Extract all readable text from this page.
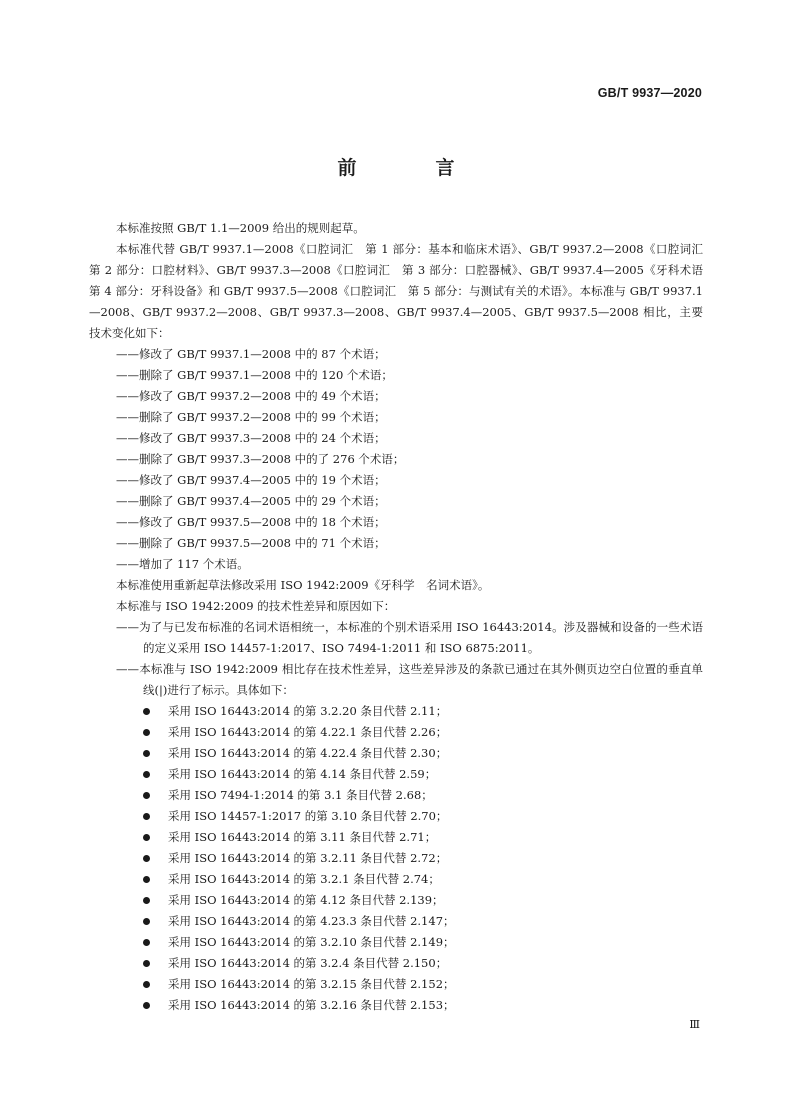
GB/T 9937—2020
前　言
本标准按照 GB/T 1.1—2009 给出的规则起草。
本标准代替 GB/T 9937.1—2008《口腔词汇　第 1 部分：基本和临床术语》、GB/T 9937.2—2008《口腔词汇　第 2 部分：口腔材料》、GB/T 9937.3—2008《口腔词汇　第 3 部分：口腔器械》、GB/T 9937.4—2005《牙科术语　第 4 部分：牙科设备》和 GB/T 9937.5—2008《口腔词汇　第 5 部分：与测试有关的术语》。本标准与 GB/T 9937.1—2008、GB/T 9937.2—2008、GB/T 9937.3—2008、GB/T 9937.4—2005、GB/T 9937.5—2008 相比，主要技术变化如下：
——修改了 GB/T 9937.1—2008 中的 87 个术语；
——删除了 GB/T 9937.1—2008 中的 120 个术语；
——修改了 GB/T 9937.2—2008 中的 49 个术语；
——删除了 GB/T 9937.2—2008 中的 99 个术语；
——修改了 GB/T 9937.3—2008 中的 24 个术语；
——删除了 GB/T 9937.3—2008 中的了 276 个术语；
——修改了 GB/T 9937.4—2005 中的 19 个术语；
——删除了 GB/T 9937.4—2005 中的 29 个术语；
——修改了 GB/T 9937.5—2008 中的 18 个术语；
——删除了 GB/T 9937.5—2008 中的 71 个术语；
——增加了 117 个术语。
本标准使用重新起草法修改采用 ISO 1942:2009《牙科学　名词术语》。
本标准与 ISO 1942:2009 的技术性差异和原因如下：
——为了与已发布标准的名词术语相统一，本标准的个别术语采用 ISO 16443:2014。涉及器械和设备的一些术语的定义采用 ISO 14457-1:2017、ISO 7494-1:2011 和 ISO 6875:2011。
——本标准与 ISO 1942:2009 相比存在技术性差异，这些差异涉及的条款已通过在其外侧页边空白位置的垂直单线(|)进行了标示。具体如下：
采用 ISO 16443:2014 的第 3.2.20 条目代替 2.11；
采用 ISO 16443:2014 的第 4.22.1 条目代替 2.26；
采用 ISO 16443:2014 的第 4.22.4 条目代替 2.30；
采用 ISO 16443:2014 的第 4.14 条目代替 2.59；
采用 ISO 7494-1:2014 的第 3.1 条目代替 2.68；
采用 ISO 14457-1:2017 的第 3.10 条目代替 2.70；
采用 ISO 16443:2014 的第 3.11 条目代替 2.71；
采用 ISO 16443:2014 的第 3.2.11 条目代替 2.72；
采用 ISO 16443:2014 的第 3.2.1 条目代替 2.74；
采用 ISO 16443:2014 的第 4.12 条目代替 2.139；
采用 ISO 16443:2014 的第 4.23.3 条目代替 2.147；
采用 ISO 16443:2014 的第 3.2.10 条目代替 2.149；
采用 ISO 16443:2014 的第 3.2.4 条目代替 2.150；
采用 ISO 16443:2014 的第 3.2.15 条目代替 2.152；
采用 ISO 16443:2014 的第 3.2.16 条目代替 2.153；
Ⅲ
